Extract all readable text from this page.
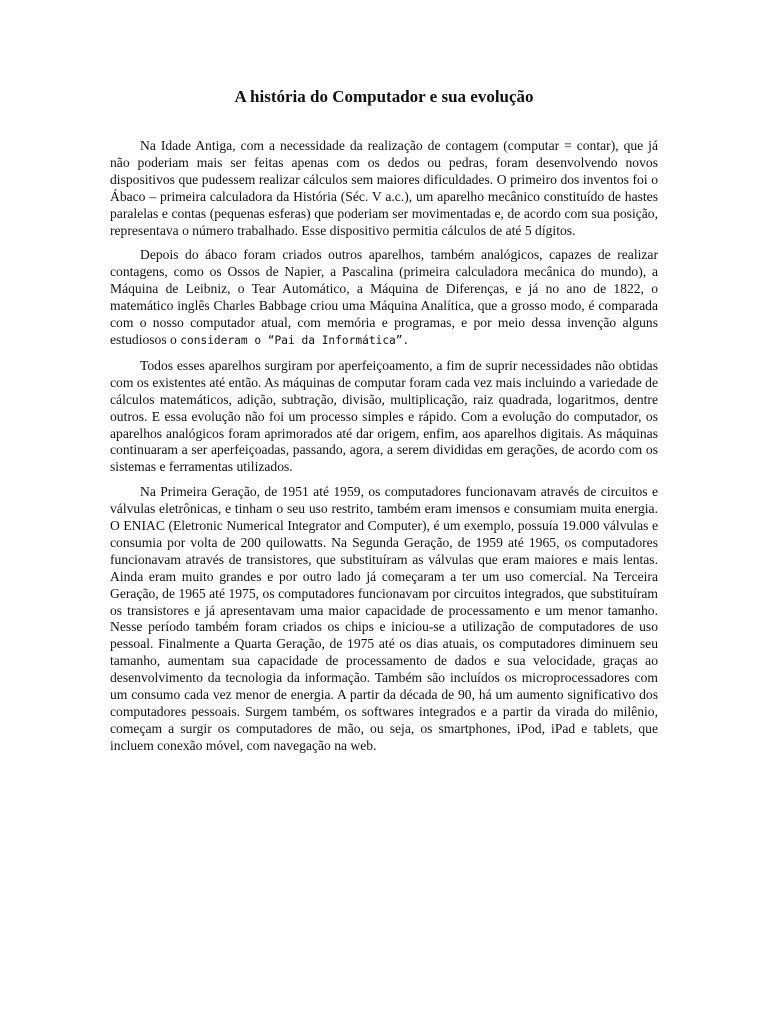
A história do Computador e sua evolução

Na Idade Antiga, com a necessidade da realização de contagem (computar = contar), que já não poderiam mais ser feitas apenas com os dedos ou pedras, foram desenvolvendo novos dispositivos que pudessem realizar cálculos sem maiores dificuldades. O primeiro dos inventos foi o Ábaco – primeira calculadora da História (Séc. V a.c.), um aparelho mecânico constituído de hastes paralelas e contas (pequenas esferas) que poderiam ser movimentadas e, de acordo com sua posição, representava o número trabalhado. Esse dispositivo permitia cálculos de até 5 dígitos.

Depois do ábaco foram criados outros aparelhos, também analógicos, capazes de realizar contagens, como os Ossos de Napier, a Pascalina (primeira calculadora mecânica do mundo), a Máquina de Leibniz, o Tear Automático, a Máquina de Diferenças, e já no ano de 1822, o matemático inglês Charles Babbage criou uma Máquina Analítica, que a grosso modo, é comparada com o nosso computador atual, com memória e programas, e por meio dessa invenção alguns estudiosos o consideram o “Pai da Informática”.

Todos esses aparelhos surgiram por aperfeiçoamento, a fim de suprir necessidades não obtidas com os existentes até então. As máquinas de computar foram cada vez mais incluindo a variedade de cálculos matemáticos, adição, subtração, divisão, multiplicação, raiz quadrada, logaritmos, dentre outros. E essa evolução não foi um processo simples e rápido. Com a evolução do computador, os aparelhos analógicos foram aprimorados até dar origem, enfim, aos aparelhos digitais. As máquinas continuaram a ser aperfeiçoadas, passando, agora, a serem divididas em gerações, de acordo com os sistemas e ferramentas utilizados.

Na Primeira Geração, de 1951 até 1959, os computadores funcionavam através de circuitos e válvulas eletrônicas, e tinham o seu uso restrito, também eram imensos e consumiam muita energia. O ENIAC (Eletronic Numerical Integrator and Computer), é um exemplo, possuía 19.000 válvulas e consumia por volta de 200 quilowatts. Na Segunda Geração, de 1959 até 1965, os computadores funcionavam através de transistores, que substituíram as válvulas que eram maiores e mais lentas. Ainda eram muito grandes e por outro lado já começaram a ter um uso comercial. Na Terceira Geração, de 1965 até 1975, os computadores funcionavam por circuitos integrados, que substituíram os transistores e já apresentavam uma maior capacidade de processamento e um menor tamanho. Nesse período também foram criados os chips e iniciou-se a utilização de computadores de uso pessoal. Finalmente a Quarta Geração, de 1975 até os dias atuais, os computadores diminuem seu tamanho, aumentam sua capacidade de processamento de dados e sua velocidade, graças ao desenvolvimento da tecnologia da informação. Também são incluídos os microprocessadores com um consumo cada vez menor de energia. A partir da década de 90, há um aumento significativo dos computadores pessoais. Surgem também, os softwares integrados e a partir da virada do milênio, começam a surgir os computadores de mão, ou seja, os smartphones, iPod, iPad e tablets, que incluem conexão móvel, com navegação na web.
